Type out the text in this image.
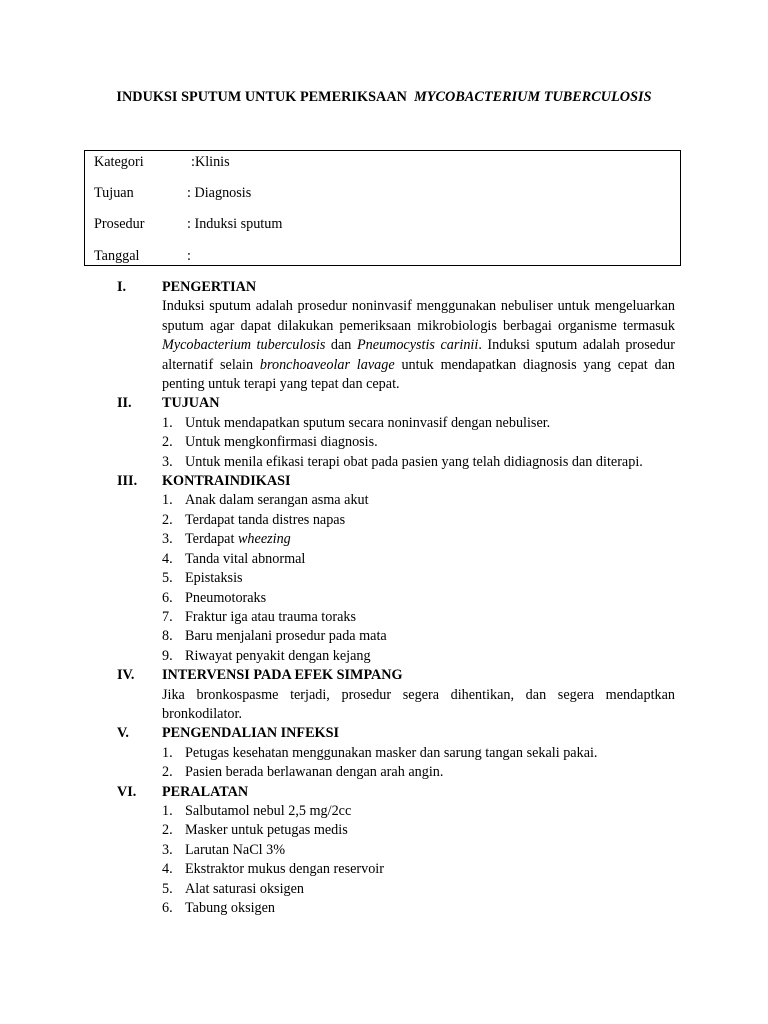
INDUKSI SPUTUM UNTUK PEMERIKSAAN MYCOBACTERIUM TUBERCULOSIS
Kategori	:Klinis
Tujuan	: Diagnosis
Prosedur	: Induksi sputum
Tanggal	:
I.	PENGERTIAN
Induksi sputum adalah prosedur noninvasif menggunakan nebuliser untuk mengeluarkan sputum agar dapat dilakukan pemeriksaan mikrobiologis berbagai organisme termasuk Mycobacterium tuberculosis dan Pneumocystis carinii. Induksi sputum adalah prosedur alternatif selain bronchoaveolar lavage untuk mendapatkan diagnosis yang cepat dan penting untuk terapi yang tepat dan cepat.
II. TUJUAN
1. Untuk mendapatkan sputum secara noninvasif dengan nebuliser.
2. Untuk mengkonfirmasi diagnosis.
3. Untuk menila efikasi terapi obat pada pasien yang telah didiagnosis dan diterapi.
III. KONTRAINDIKASI
1. Anak dalam serangan asma akut
2. Terdapat tanda distres napas
3. Terdapat wheezing
4. Tanda vital abnormal
5. Epistaksis
6. Pneumotoraks
7. Fraktur iga atau trauma toraks
8. Baru menjalani prosedur pada mata
9. Riwayat penyakit dengan kejang
IV. INTERVENSI PADA EFEK SIMPANG
Jika bronkospasme terjadi, prosedur segera dihentikan, dan segera mendaptkan bronkodilator.
V. PENGENDALIAN INFEKSI
1. Petugas kesehatan menggunakan masker dan sarung tangan sekali pakai.
2. Pasien berada berlawanan dengan arah angin.
VI. PERALATAN
1. Salbutamol nebul 2,5 mg/2cc
2. Masker untuk petugas medis
3. Larutan NaCl 3%
4. Ekstraktor mukus dengan reservoir
5. Alat saturasi oksigen
6. Tabung oksigen
